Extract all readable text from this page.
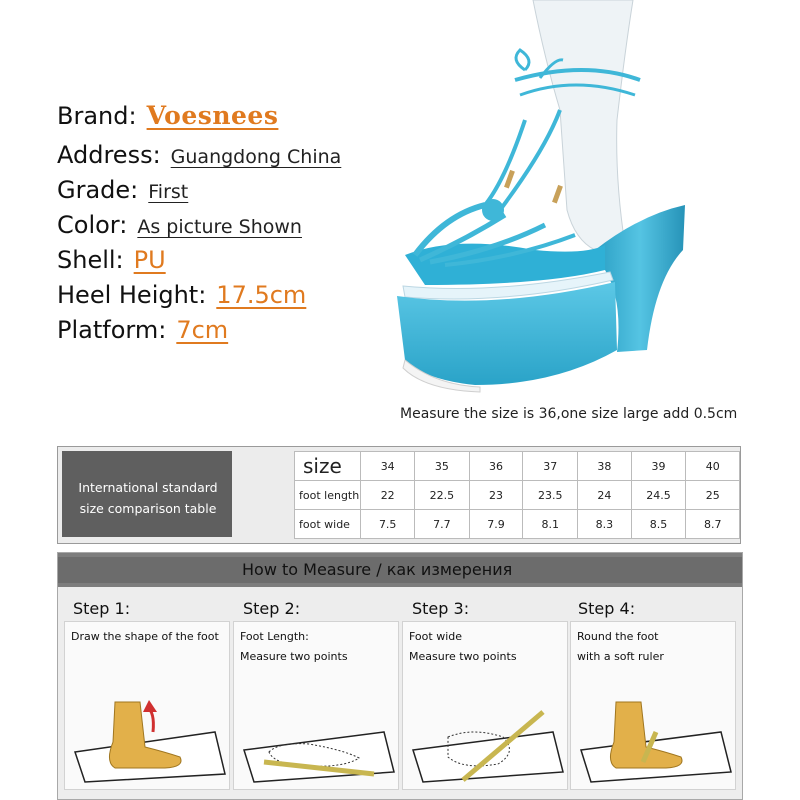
Brand: Voesnees
Address: Guangdong China
Grade: First
Color: As picture Shown
Shell: PU
Heel Height: 17.5cm
Platform: 7cm
Measure the size is 36,one size large add 0.5cm
International standard
size comparison table
size	34	35	36	37	38	39	40
foot length	22	22.5	23	23.5	24	24.5	25
foot wide	7.5	7.7	7.9	8.1	8.3	8.5	8.7
How to Measure / как измерения
Step 1:
Draw the shape of the foot
Step 2:
Foot Length:
Measure two points
Step 3:
Foot wide
Measure two points
Step 4:
Round the foot
with a soft ruler
